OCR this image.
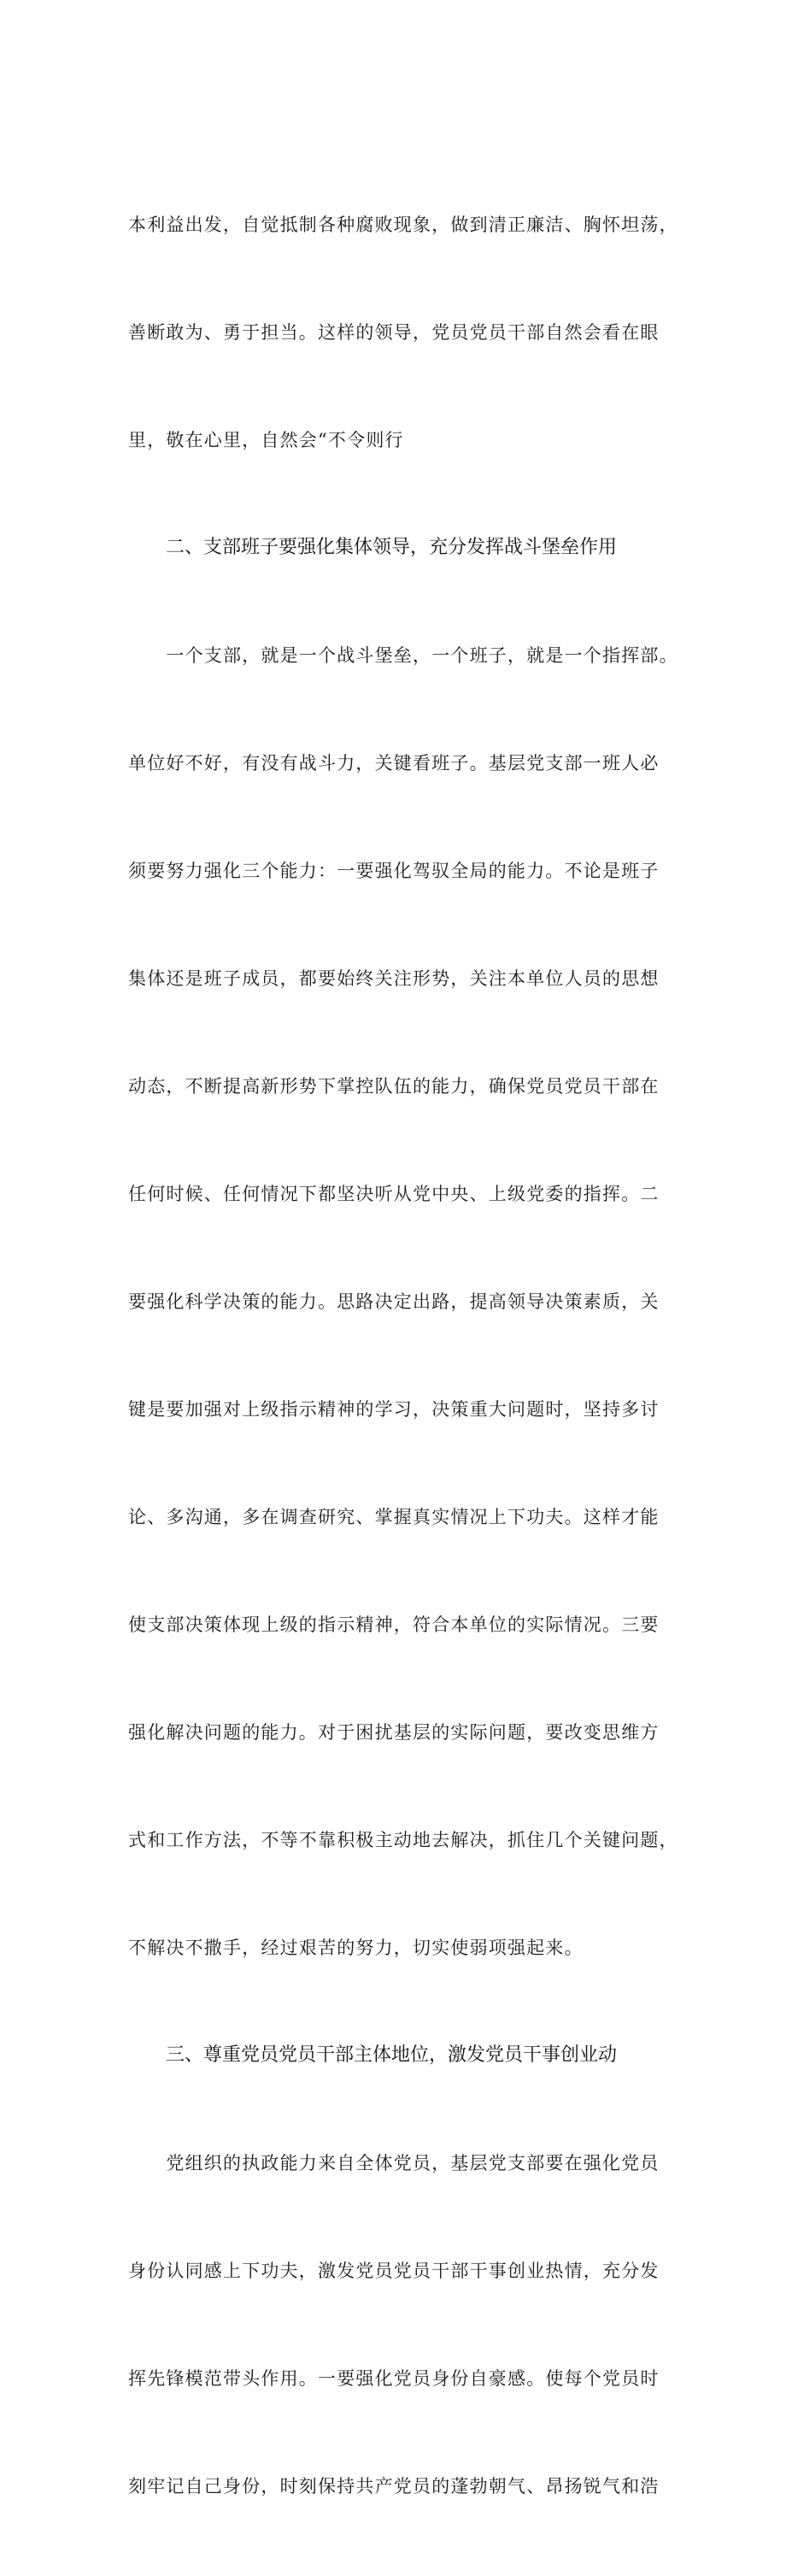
本利益出发，自觉抵制各种腐败现象，做到清正廉洁、胸怀坦荡，

善断敢为、勇于担当。这样的领导，党员党员干部自然会看在眼

里，敬在心里，自然会“不令则行

二、支部班子要强化集体领导，充分发挥战斗堡垒作用

　　一个支部，就是一个战斗堡垒，一个班子，就是一个指挥部。

单位好不好，有没有战斗力，关键看班子。基层党支部一班人必

须要努力强化三个能力：一要强化驾驭全局的能力。不论是班子

集体还是班子成员，都要始终关注形势，关注本单位人员的思想

动态，不断提高新形势下掌控队伍的能力，确保党员党员干部在

任何时候、任何情况下都坚决听从党中央、上级党委的指挥。二

要强化科学决策的能力。思路决定出路，提高领导决策素质，关

键是要加强对上级指示精神的学习，决策重大问题时，坚持多讨

论、多沟通，多在调查研究、掌握真实情况上下功夫。这样才能

使支部决策体现上级的指示精神，符合本单位的实际情况。三要

强化解决问题的能力。对于困扰基层的实际问题，要改变思维方

式和工作方法，不等不靠积极主动地去解决，抓住几个关键问题，

不解决不撒手，经过艰苦的努力，切实使弱项强起来。

三、尊重党员党员干部主体地位，激发党员干事创业动

　　党组织的执政能力来自全体党员，基层党支部要在强化党员

身份认同感上下功夫，激发党员党员干部干事创业热情，充分发

挥先锋模范带头作用。一要强化党员身份自豪感。使每个党员时

刻牢记自己身份，时刻保持共产党员的蓬勃朝气、昂扬锐气和浩
